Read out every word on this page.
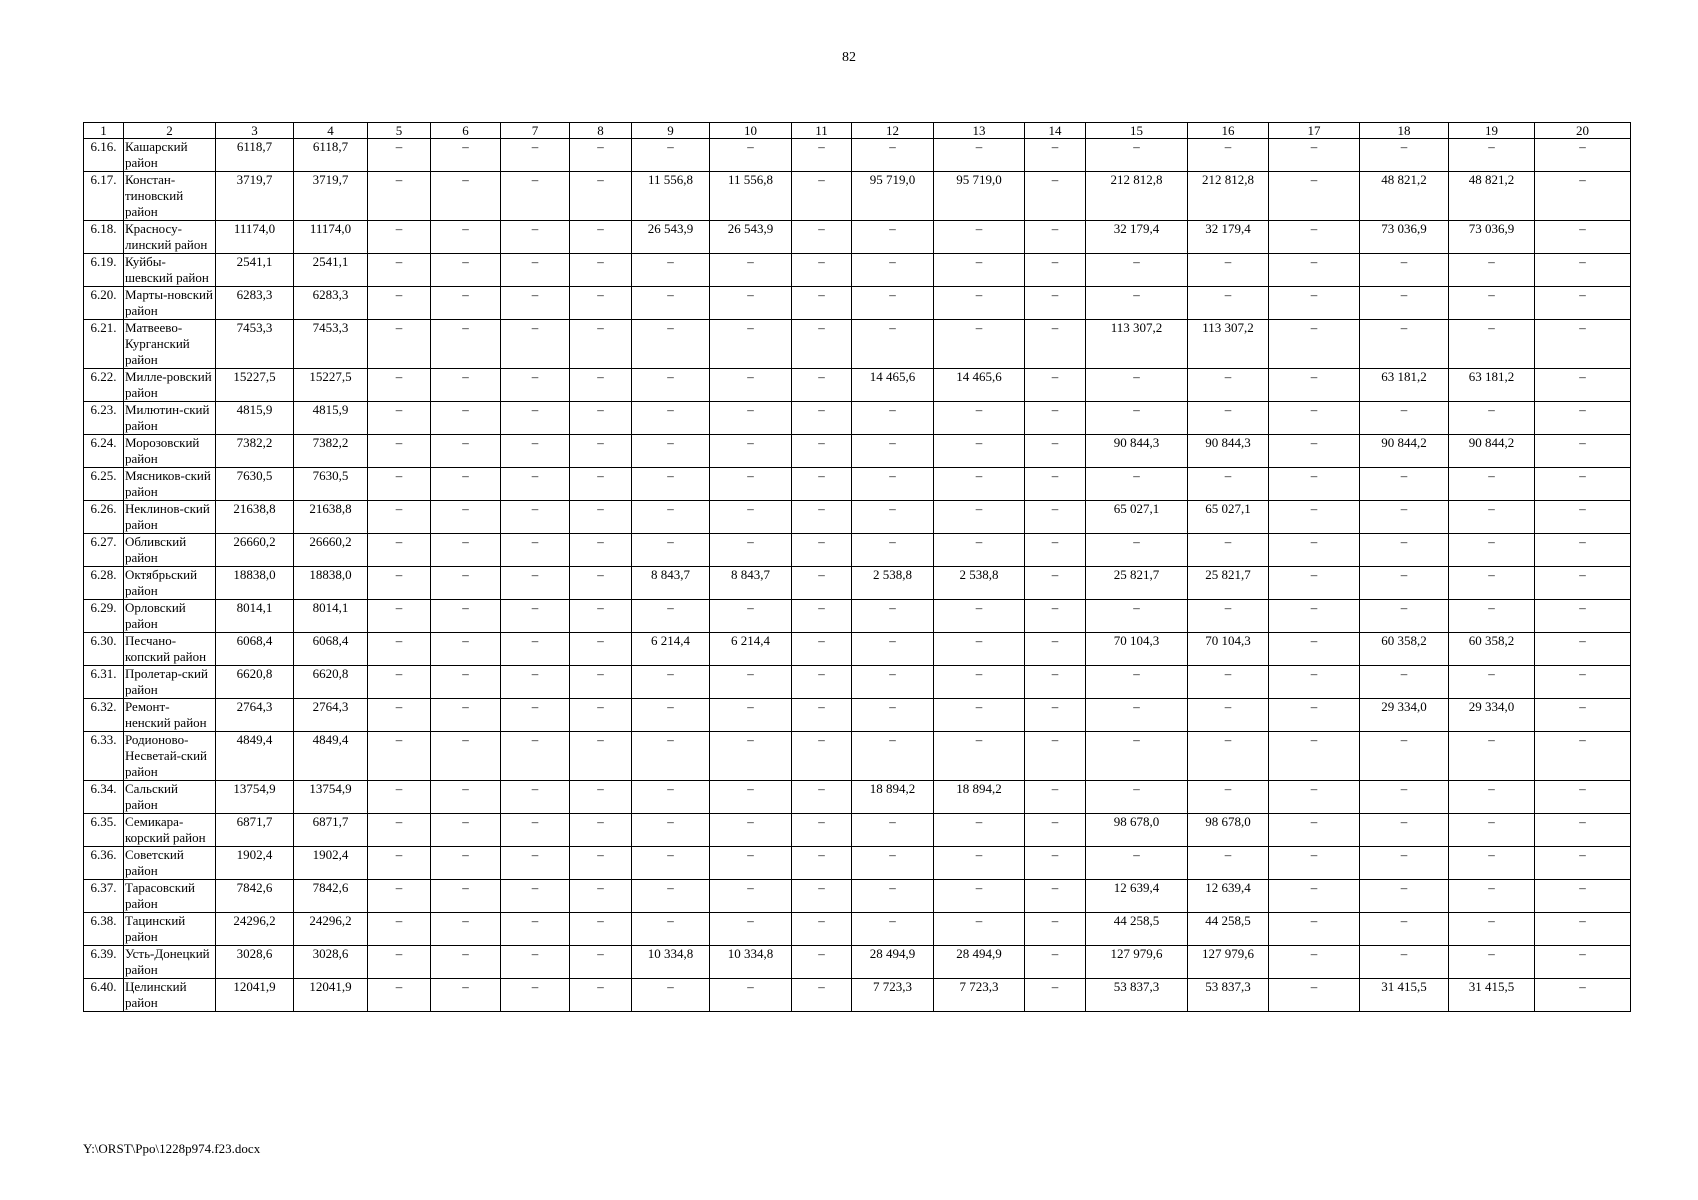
82
1	2	3	4	5	6	7	8	9	10	11	12	13	14	15	16	17	18	19	20
6.16.	Кашарский район	6118,7	6118,7	–	–	–	–	–	–	–	–	–	–	–	–	–	–	–	–
6.17.	Констан-тиновский район	3719,7	3719,7	–	–	–	–	11 556,8	11 556,8	–	95 719,0	95 719,0	–	212 812,8	212 812,8	–	48 821,2	48 821,2	–
6.18.	Красносу-линский район	11174,0	11174,0	–	–	–	–	26 543,9	26 543,9	–	–	–	–	32 179,4	32 179,4	–	73 036,9	73 036,9	–
6.19.	Куйбы-шевский район	2541,1	2541,1	–	–	–	–	–	–	–	–	–	–	–	–	–	–	–	–
6.20.	Марты-новский район	6283,3	6283,3	–	–	–	–	–	–	–	–	–	–	–	–	–	–	–	–
6.21.	Матвеево-Курганский район	7453,3	7453,3	–	–	–	–	–	–	–	–	–	–	113 307,2	113 307,2	–	–	–	–
6.22.	Милле-ровский район	15227,5	15227,5	–	–	–	–	–	–	–	14 465,6	14 465,6	–	–	–	–	63 181,2	63 181,2	–
6.23.	Милютин-ский район	4815,9	4815,9	–	–	–	–	–	–	–	–	–	–	–	–	–	–	–	–
6.24.	Морозовский район	7382,2	7382,2	–	–	–	–	–	–	–	–	–	–	90 844,3	90 844,3	–	90 844,2	90 844,2	–
6.25.	Мясников-ский район	7630,5	7630,5	–	–	–	–	–	–	–	–	–	–	–	–	–	–	–	–
6.26.	Неклинов-ский район	21638,8	21638,8	–	–	–	–	–	–	–	–	–	–	65 027,1	65 027,1	–	–	–	–
6.27.	Обливский район	26660,2	26660,2	–	–	–	–	–	–	–	–	–	–	–	–	–	–	–	–
6.28.	Октябрьский район	18838,0	18838,0	–	–	–	–	8 843,7	8 843,7	–	2 538,8	2 538,8	–	25 821,7	25 821,7	–	–	–	–
6.29.	Орловский район	8014,1	8014,1	–	–	–	–	–	–	–	–	–	–	–	–	–	–	–	–
6.30.	Песчано-копский район	6068,4	6068,4	–	–	–	–	6 214,4	6 214,4	–	–	–	–	70 104,3	70 104,3	–	60 358,2	60 358,2	–
6.31.	Пролетар-ский район	6620,8	6620,8	–	–	–	–	–	–	–	–	–	–	–	–	–	–	–	–
6.32.	Ремонт-ненский район	2764,3	2764,3	–	–	–	–	–	–	–	–	–	–	–	–	–	29 334,0	29 334,0	–
6.33.	Родионово-Несветай-ский район	4849,4	4849,4	–	–	–	–	–	–	–	–	–	–	–	–	–	–	–	–
6.34.	Сальский район	13754,9	13754,9	–	–	–	–	–	–	–	18 894,2	18 894,2	–	–	–	–	–	–	–
6.35.	Семикара-корский район	6871,7	6871,7	–	–	–	–	–	–	–	–	–	–	98 678,0	98 678,0	–	–	–	–
6.36.	Советский район	1902,4	1902,4	–	–	–	–	–	–	–	–	–	–	–	–	–	–	–	–
6.37.	Тарасовский район	7842,6	7842,6	–	–	–	–	–	–	–	–	–	–	12 639,4	12 639,4	–	–	–	–
6.38.	Тацинский район	24296,2	24296,2	–	–	–	–	–	–	–	–	–	–	44 258,5	44 258,5	–	–	–	–
6.39.	Усть-Донецкий район	3028,6	3028,6	–	–	–	–	10 334,8	10 334,8	–	28 494,9	28 494,9	–	127 979,6	127 979,6	–	–	–	–
6.40.	Целинский район	12041,9	12041,9	–	–	–	–	–	–	–	7 723,3	7 723,3	–	53 837,3	53 837,3	–	31 415,5	31 415,5	–
Y:\ORST\Ppo\1228p974.f23.docx
